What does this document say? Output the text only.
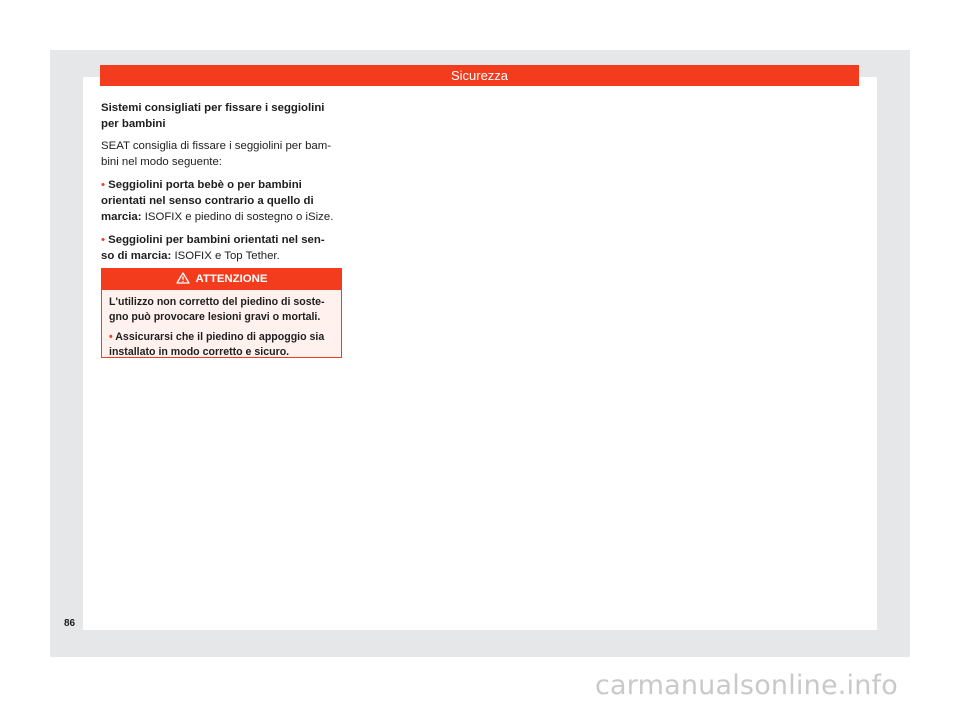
Sicurezza
Sistemi consigliati per fissare i seggiolini
per bambini
SEAT consiglia di fissare i seggiolini per bam-
bini nel modo seguente:
• Seggiolini porta bebè o per bambini
orientati nel senso contrario a quello di
marcia: ISOFIX e piedino di sostegno o iSize.
• Seggiolini per bambini orientati nel sen-
so di marcia: ISOFIX e Top Tether.
ATTENZIONE
L'utilizzo non corretto del piedino di soste-
gno può provocare lesioni gravi o mortali.
• Assicurarsi che il piedino di appoggio sia
installato in modo corretto e sicuro.
86
carmanualsonline.info
